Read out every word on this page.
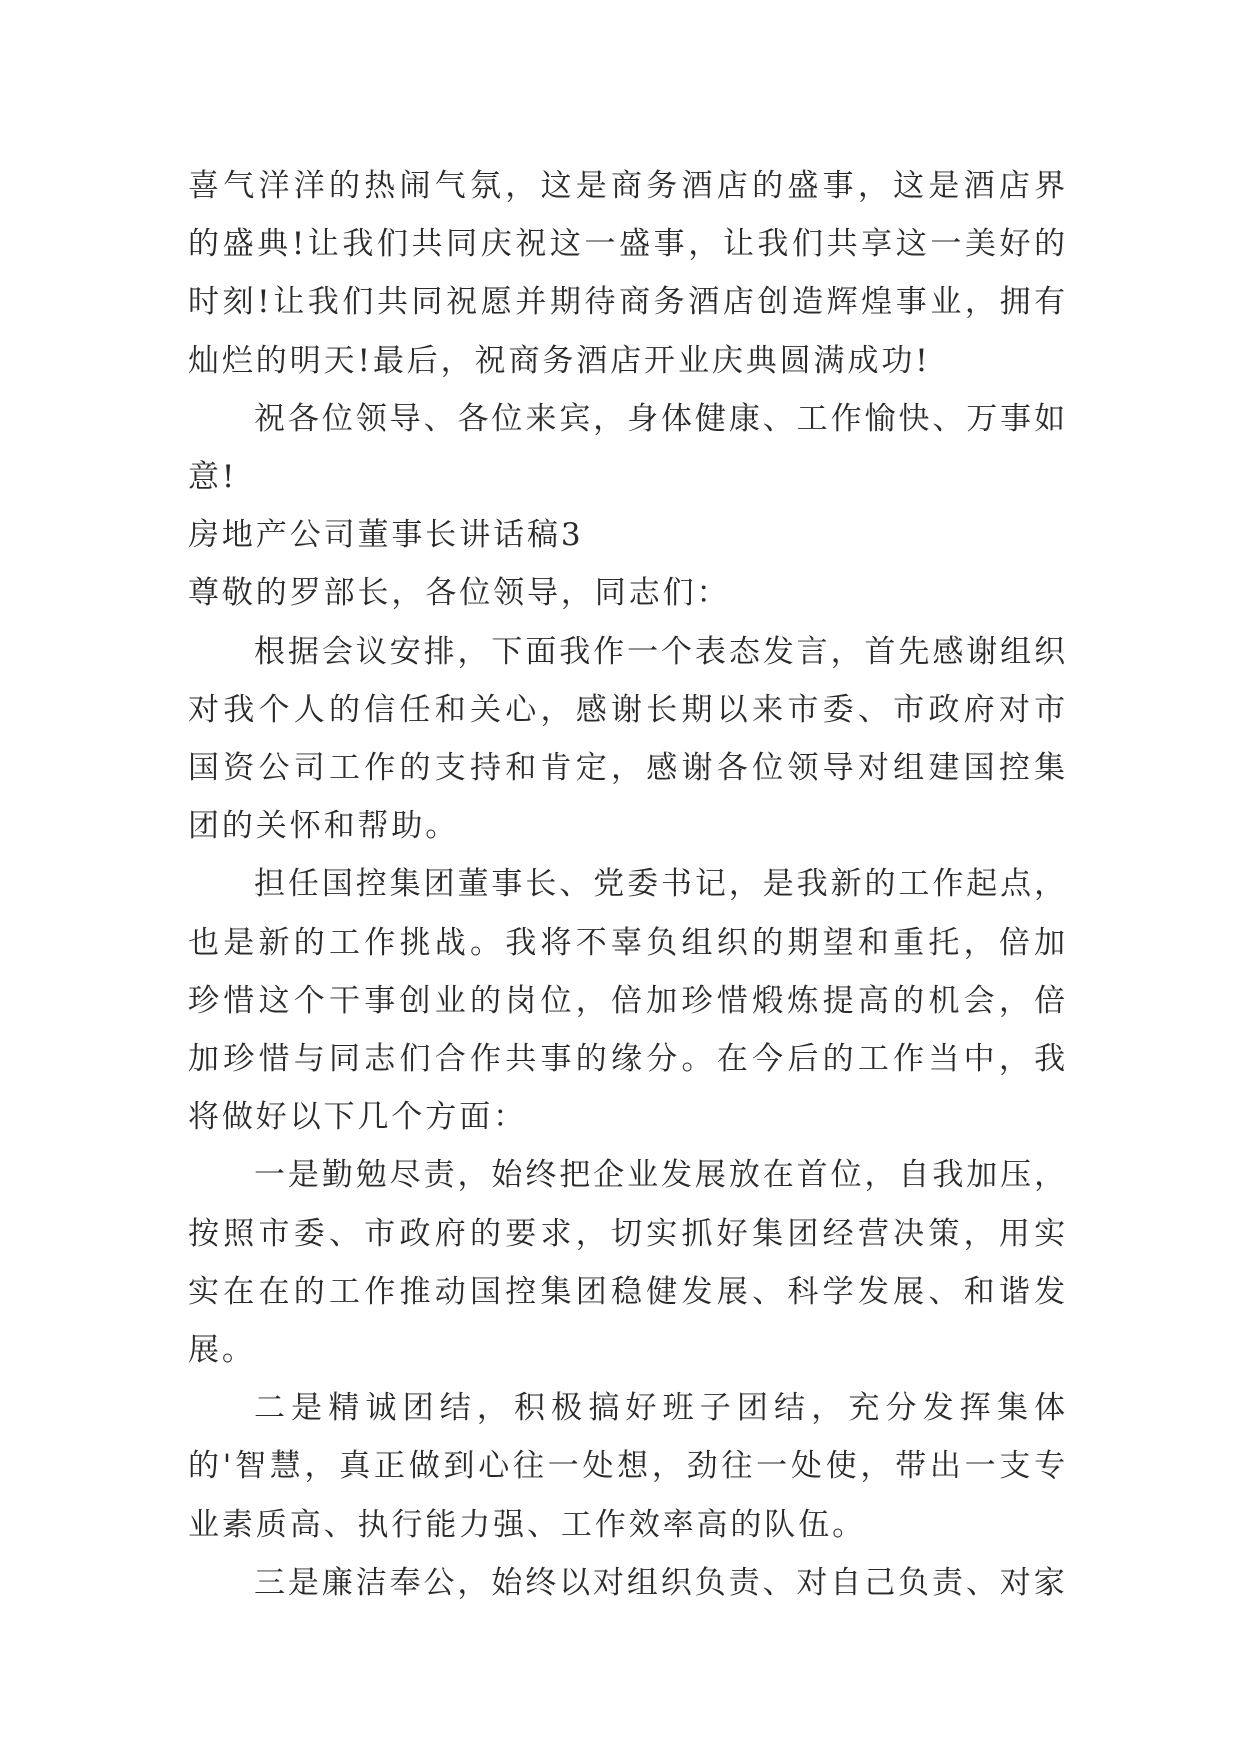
喜气洋洋的热闹气氛，这是商务酒店的盛事，这是酒店界的盛典!让我们共同庆祝这一盛事，让我们共享这一美好的时刻!让我们共同祝愿并期待商务酒店创造辉煌事业，拥有灿烂的明天!最后，祝商务酒店开业庆典圆满成功!

祝各位领导、各位来宾，身体健康、工作愉快、万事如意!

房地产公司董事长讲话稿3

尊敬的罗部长，各位领导，同志们：

根据会议安排，下面我作一个表态发言，首先感谢组织对我个人的信任和关心，感谢长期以来市委、市政府对市国资公司工作的支持和肯定，感谢各位领导对组建国控集团的关怀和帮助。

担任国控集团董事长、党委书记，是我新的工作起点，也是新的工作挑战。我将不辜负组织的期望和重托，倍加珍惜这个干事创业的岗位，倍加珍惜煅炼提高的机会，倍加珍惜与同志们合作共事的缘分。在今后的工作当中，我将做好以下几个方面：

一是勤勉尽责，始终把企业发展放在首位，自我加压，按照市委、市政府的要求，切实抓好集团经营决策，用实实在在的工作推动国控集团稳健发展、科学发展、和谐发展。

二是精诚团结，积极搞好班子团结，充分发挥集体的'智慧，真正做到心往一处想，劲往一处使，带出一支专业素质高、执行能力强、工作效率高的队伍。

三是廉洁奉公，始终以对组织负责、对自己负责、对家
